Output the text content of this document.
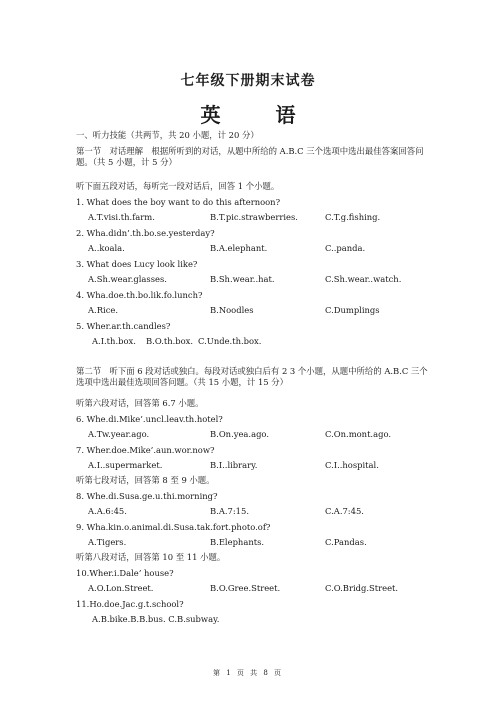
七年级下册期末试卷
英 语
一、听力技能（共两节，共 20 小题，计 20 分）
第一节　对话理解　根据所听到的对话，从题中所给的 A.B.C 三个选项中选出最佳答案回答问题。（共 5 小题，计 5 分）
听下面五段对话，每听完一段对话后，回答 1 个小题。
1. What does the boy want to do this afternoon?
A.T.visi.th.farm.	B.T.pic.strawberries.	C.T.g.fishing.
2. Wha.didn’.th.bo.se.yesterday?
A..koala.	B.A.elephant.	C..panda.
3. What does Lucy look like?
A.Sh.wear.glasses.	B.Sh.wear..hat.	C.Sh.wear..watch.
4. Wha.doe.th.bo.lik.fo.lunch?
A.Rice.	B.Noodles	C.Dumplings
5. Wher.ar.th.candles?
A.I.th.box. B.O.th.box. C.Unde.th.box.
第二节　听下面 6 段对话或独白。每段对话或独白后有 2 3 个小题，从题中所给的 A.B.C 三个选项中选出最佳选项回答问题。（共 15 小题，计 15 分）
听第六段对话，回答第 6.7 小题。
6. Whe.di.Mike’.uncl.leav.th.hotel?
A.Tw.year.ago.	B.On.yea.ago.	C.On.mont.ago.
7. Wher.doe.Mike’.aun.wor.now?
A.I..supermarket.	B.I..library.	C.I..hospital.
听第七段对话，回答第 8 至 9 小题。
8. Whe.di.Susa.ge.u.thi.morning?
A.A.6:45.	B.A.7:15.	C.A.7:45.
9. Wha.kin.o.animal.di.Susa.tak.fort.photo.of?
A.Tigers.	B.Elephants.	C.Pandas.
听第八段对话，回答第 10 至 11 小题。
10.Wher.i.Dale’ house?
A.O.Lon.Street.	B.O.Gree.Street.	C.O.Bridg.Street.
11.Ho.doe.Jac.g.t.school?
A.B.bike.B.B.bus. C.B.subway.
第 1 页 共 8 页
